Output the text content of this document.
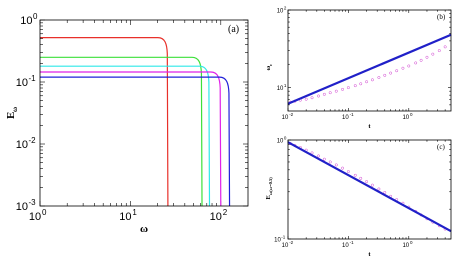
10 0	10 1	10 2
10 -3
10 -2
10 -1
10 0
(a)
ω
E
ω
10
-2
10
-1
10
0
10
1
10
2
(b)
t
ω
c
10
-2
10
-1
10
0
10
-1
10
0
(c)
t
E
ω(ω=0.5)
